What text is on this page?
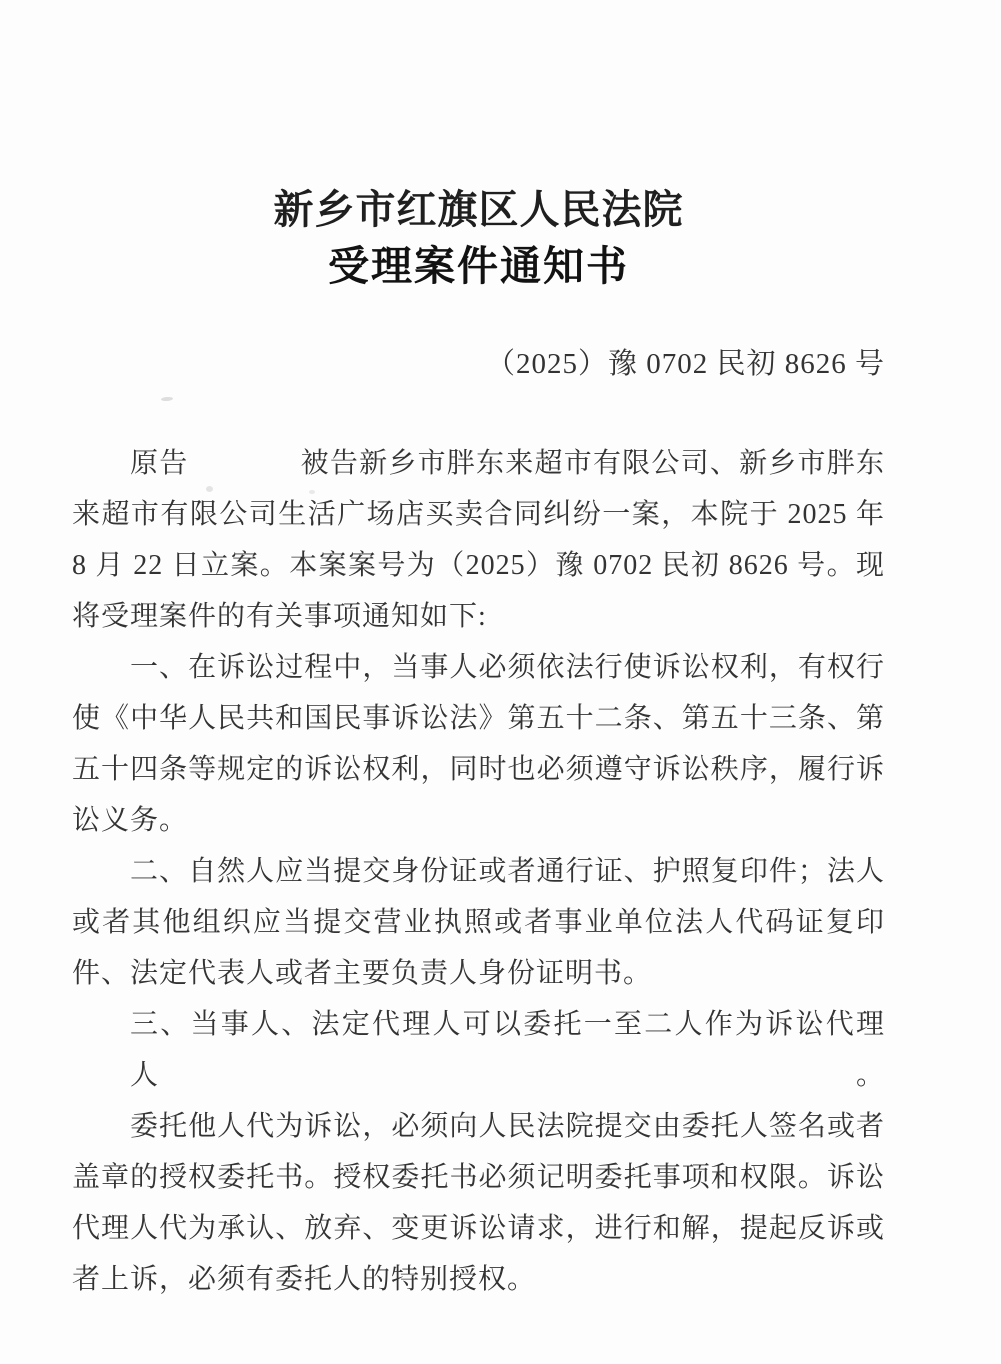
新乡市红旗区人民法院
受理案件通知书
（2025）豫 0702 民初 8626 号
原告	被告新乡市胖东来超市有限公司、新乡市胖东
来超市有限公司生活广场店买卖合同纠纷一案，本院于 2025 年
8 月 22 日立案。本案案号为（2025）豫 0702 民初 8626 号。现
将受理案件的有关事项通知如下:
一、在诉讼过程中，当事人必须依法行使诉讼权利，有权行
使《中华人民共和国民事诉讼法》第五十二条、第五十三条、第
五十四条等规定的诉讼权利，同时也必须遵守诉讼秩序，履行诉
讼义务。
二、自然人应当提交身份证或者通行证、护照复印件；法人
或者其他组织应当提交营业执照或者事业单位法人代码证复印
件、法定代表人或者主要负责人身份证明书。
三、当事人、法定代理人可以委托一至二人作为诉讼代理人。
委托他人代为诉讼，必须向人民法院提交由委托人签名或者
盖章的授权委托书。授权委托书必须记明委托事项和权限。诉讼
代理人代为承认、放弃、变更诉讼请求，进行和解，提起反诉或
者上诉，必须有委托人的特别授权。
